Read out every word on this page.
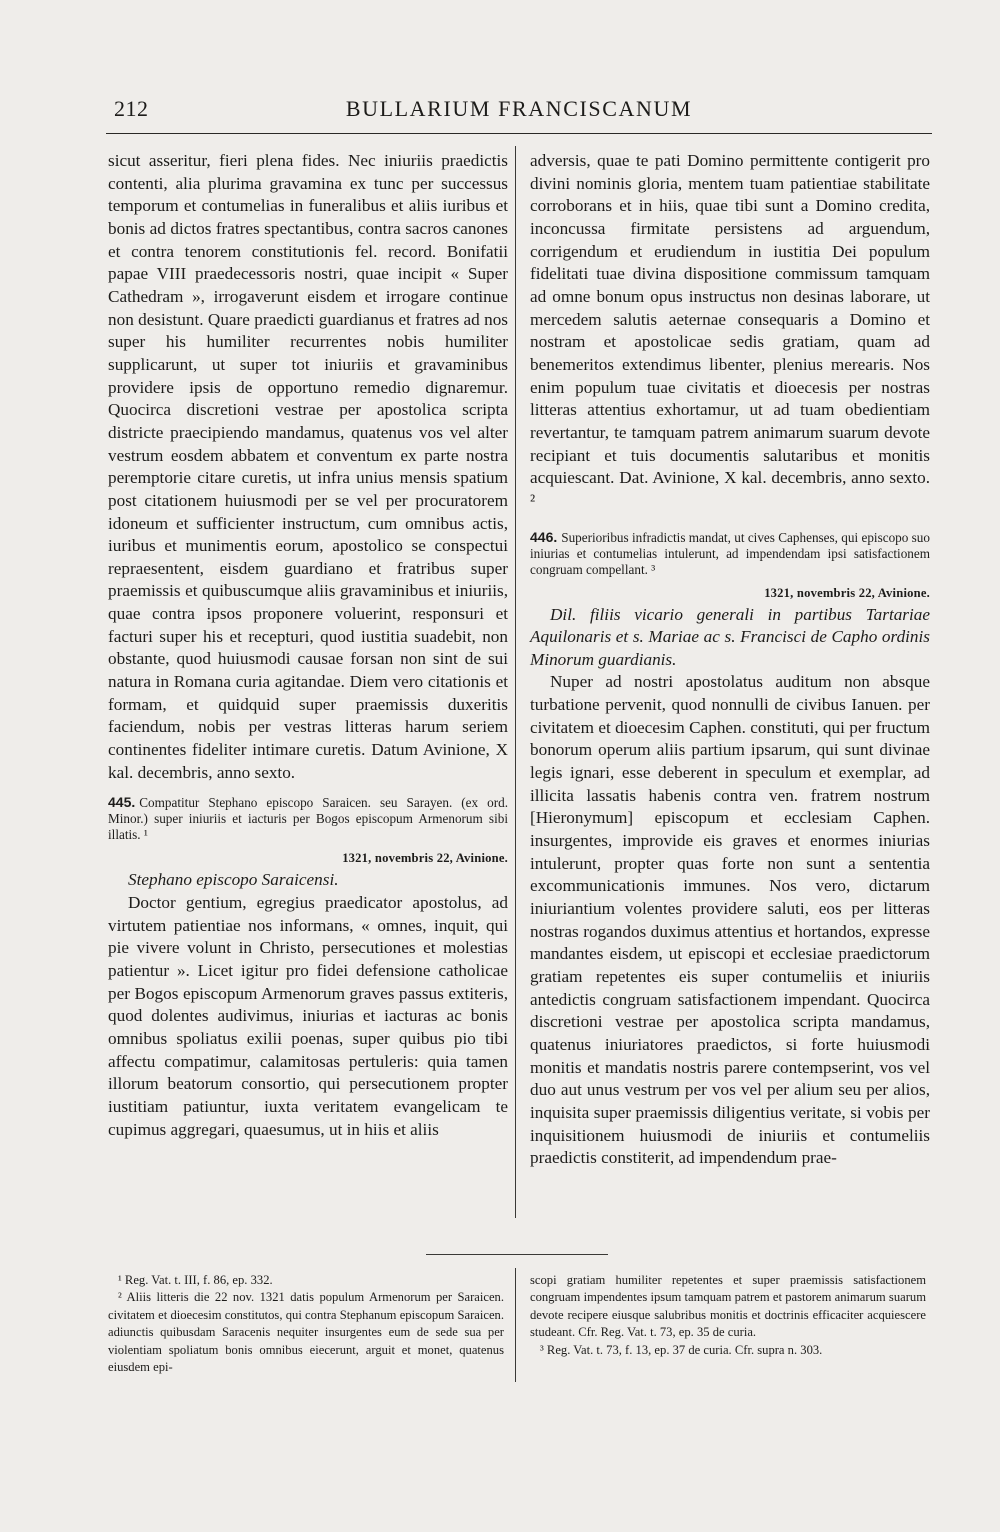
212	BULLARIUM FRANCISCANUM

sicut asseritur, fieri plena fides. Nec iniuriis praedictis contenti, alia plurima gravamina ex tunc per successus temporum et contumelias in funeralibus et aliis iuribus et bonis ad dictos fratres spectantibus, contra sacros canones et contra tenorem constitutionis fel. record. Bonifatii papae VIII praedecessoris nostri, quae incipit « Super Cathedram », irrogaverunt eisdem et irrogare continue non desistunt. Quare praedicti guardianus et fratres ad nos super his humiliter recurrentes nobis humiliter supplicarunt, ut super tot iniuriis et gravaminibus providere ipsis de opportuno remedio dignaremur. Quocirca discretioni vestrae per apostolica scripta districte praecipiendo mandamus, quatenus vos vel alter vestrum eosdem abbatem et conventum ex parte nostra peremptorie citare curetis, ut infra unius mensis spatium post citationem huiusmodi per se vel per procuratorem idoneum et sufficienter instructum, cum omnibus actis, iuribus et munimentis eorum, apostolico se conspectui repraesentent, eisdem guardiano et fratribus super praemissis et quibuscumque aliis gravaminibus et iniuriis, quae contra ipsos proponere voluerint, responsuri et facturi super his et recepturi, quod iustitia suadebit, non obstante, quod huiusmodi causae forsan non sint de sui natura in Romana curia agitandae. Diem vero citationis et formam, et quidquid super praemissis duxeritis faciendum, nobis per vestras litteras harum seriem continentes fideliter intimare curetis. Datum Avinione, X kal. decembris, anno sexto.

445. Compatitur Stephano episcopo Saraicen. seu Sarayen. (ex ord. Minor.) super iniuriis et iacturis per Bogos episcopum Armenorum sibi illatis. ¹
1321, novembris 22, Avinione.

Stephano episcopo Saraicensi.

Doctor gentium, egregius praedicator apostolus, ad virtutem patientiae nos informans, « omnes, inquit, qui pie vivere volunt in Christo, persecutiones et molestias patientur ». Licet igitur pro fidei defensione catholicae per Bogos episcopum Armenorum graves passus extiteris, quod dolentes audivimus, iniurias et iacturas ac bonis omnibus spoliatus exilii poenas, super quibus pio tibi affectu compatimur, calamitosas pertuleris: quia tamen illorum beatorum consortio, qui persecutionem propter iustitiam patiuntur, iuxta veritatem evangelicam te cupimus aggregari, quaesumus, ut in hiis et aliis

adversis, quae te pati Domino permittente contigerit pro divini nominis gloria, mentem tuam patientiae stabilitate corroborans et in hiis, quae tibi sunt a Domino credita, inconcussa firmitate persistens ad arguendum, corrigendum et erudiendum in iustitia Dei populum fidelitati tuae divina dispositione commissum tamquam ad omne bonum opus instructus non desinas laborare, ut mercedem salutis aeternae consequaris a Domino et nostram et apostolicae sedis gratiam, quam ad benemeritos extendimus libenter, plenius merearis. Nos enim populum tuae civitatis et dioecesis per nostras litteras attentius exhortamur, ut ad tuam obedientiam revertantur, te tamquam patrem animarum suarum devote recipiant et tuis documentis salutaribus et monitis acquiescant. Dat. Avinione, X kal. decembris, anno sexto. ²

446. Superioribus infradictis mandat, ut cives Caphenses, qui episcopo suo iniurias et contumelias intulerunt, ad impendendam ipsi satisfactionem congruam compellant. ³
1321, novembris 22, Avinione.

Dil. filiis vicario generali in partibus Tartariae Aquilonaris et s. Mariae ac s. Francisci de Capho ordinis Minorum guardianis.

Nuper ad nostri apostolatus auditum non absque turbatione pervenit, quod nonnulli de civibus Ianuen. per civitatem et dioecesim Caphen. constituti, qui per fructum bonorum operum aliis partium ipsarum, qui sunt divinae legis ignari, esse deberent in speculum et exemplar, ad illicita lassatis habenis contra ven. fratrem nostrum [Hieronymum] episcopum et ecclesiam Caphen. insurgentes, improvide eis graves et enormes iniurias intulerunt, propter quas forte non sunt a sententia excommunicationis immunes. Nos vero, dictarum iniuriantium volentes providere saluti, eos per litteras nostras rogandos duximus attentius et hortandos, expresse mandantes eisdem, ut episcopi et ecclesiae praedictorum gratiam repetentes eis super contumeliis et iniuriis antedictis congruam satisfactionem impendant. Quocirca discretioni vestrae per apostolica scripta mandamus, quatenus iniuriatores praedictos, si forte huiusmodi monitis et mandatis nostris parere contempserint, vos vel duo aut unus vestrum per vos vel per alium seu per alios, inquisita super praemissis diligentius veritate, si vobis per inquisitionem huiusmodi de iniuriis et contumeliis praedictis constiterit, ad impendendum prae-

¹ Reg. Vat. t. III, f. 86, ep. 332.

² Aliis litteris die 22 nov. 1321 datis populum Armenorum per Saraicen. civitatem et dioecesim constitutos, qui contra Stephanum episcopum Saraicen. adiunctis quibusdam Saracenis nequiter insurgentes eum de sede sua per violentiam spoliatum bonis omnibus eiecerunt, arguit et monet, quatenus eiusdem epi-

scopi gratiam humiliter repetentes et super praemissis satisfactionem congruam impendentes ipsum tamquam patrem et pastorem animarum suarum devote recipere eiusque salubribus monitis et doctrinis efficaciter acquiescere studeant. Cfr. Reg. Vat. t. 73, ep. 35 de curia.

³ Reg. Vat. t. 73, f. 13, ep. 37 de curia. Cfr. supra n. 303.
